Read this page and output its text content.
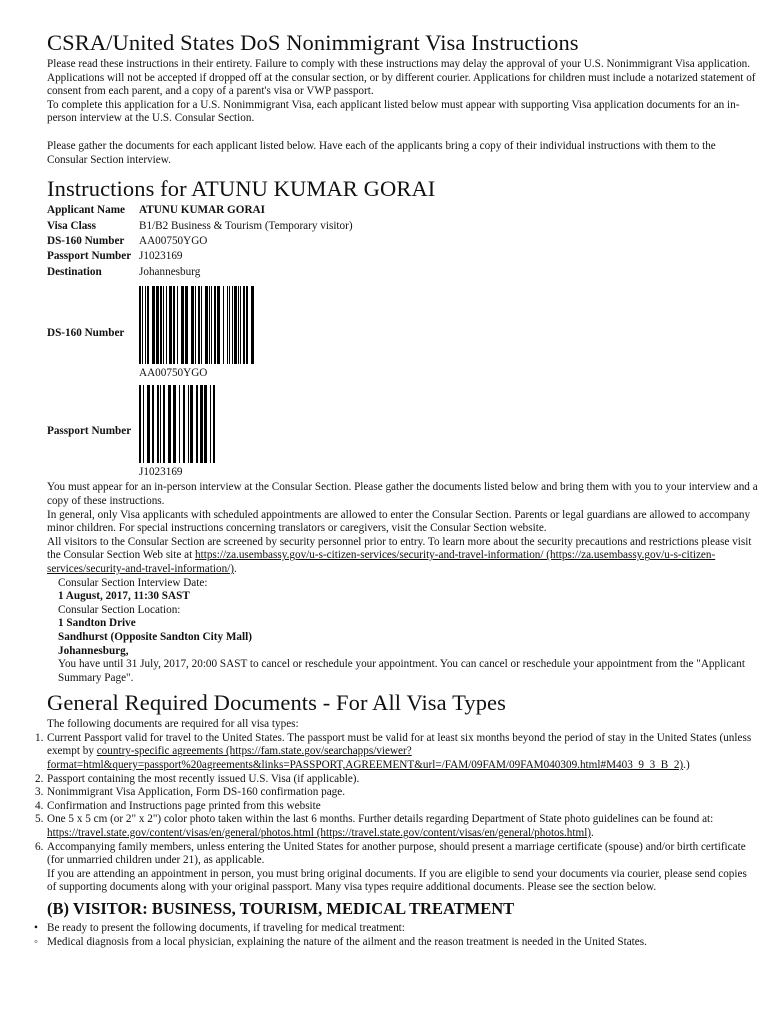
CSRA/United States DoS Nonimmigrant Visa Instructions

Please read these instructions in their entirety. Failure to comply with these instructions may delay the approval of your U.S. Nonimmigrant Visa application.

Applications will not be accepted if dropped off at the consular section, or by different courier. Applications for children must include a notarized statement of consent from each parent, and a copy of a parent's visa or VWP passport.

To complete this application for a U.S. Nonimmigrant Visa, each applicant listed below must appear with supporting Visa application documents for an in-person interview at the U.S. Consular Section.

Please gather the documents for each applicant listed below. Have each of the applicants bring a copy of their individual instructions with them to the Consular Section interview.

Instructions for ATUNU KUMAR GORAI
Applicant Name	ATUNU KUMAR GORAI
Visa Class	B1/B2 Business & Tourism (Temporary visitor)
DS-160 Number	AA00750YGO
Passport Number	J1023169
Destination	Johannesburg
DS-160 Number
AA00750YGO
Passport Number
J1023169

You must appear for an in-person interview at the Consular Section. Please gather the documents listed below and bring them with you to your interview and a copy of these instructions.

In general, only Visa applicants with scheduled appointments are allowed to enter the Consular Section. Parents or legal guardians are allowed to accompany minor children. For special instructions concerning translators or caregivers, visit the Consular Section website.

All visitors to the Consular Section are screened by security personnel prior to entry. To learn more about the security precautions and restrictions please visit the Consular Section Web site at https://za.usembassy.gov/u-s-citizen-services/security-and-travel-information/ (https://za.usembassy.gov/u-s-citizen-services/security-and-travel-information/).

Consular Section Interview Date:

1 August, 2017, 11:30 SAST

Consular Section Location:

1 Sandton Drive

Sandhurst (Opposite Sandton City Mall)

Johannesburg,

You have until 31 July, 2017, 20:00 SAST to cancel or reschedule your appointment. You can cancel or reschedule your appointment from the "Applicant Summary Page".

General Required Documents - For All Visa Types

The following documents are required for all visa types:

1. Current Passport valid for travel to the United States. The passport must be valid for at least six months beyond the period of stay in the United States (unless exempt by country-specific agreements (https://fam.state.gov/searchapps/viewer?format=html&query=passport%20agreements&links=PASSPORT,AGREEMENT&url=/FAM/09FAM/09FAM040309.html#M403_9_3_B_2).)
2. Passport containing the most recently issued U.S. Visa (if applicable).
3. Nonimmigrant Visa Application, Form DS-160 confirmation page.
4. Confirmation and Instructions page printed from this website
5. One 5 x 5 cm (or 2" x 2") color photo taken within the last 6 months. Further details regarding Department of State photo guidelines can be found at: https://travel.state.gov/content/visas/en/general/photos.html (https://travel.state.gov/content/visas/en/general/photos.html).
6. Accompanying family members, unless entering the United States for another purpose, should present a marriage certificate (spouse) and/or birth certificate (for unmarried children under 21), as applicable.

If you are attending an appointment in person, you must bring original documents. If you are eligible to send your documents via courier, please send copies of supporting documents along with your original passport. Many visa types require additional documents. Please see the section below.

(B) VISITOR: BUSINESS, TOURISM, MEDICAL TREATMENT
• Be ready to present the following documents, if traveling for medical treatment:
◦ Medical diagnosis from a local physician, explaining the nature of the ailment and the reason treatment is needed in the United States.
